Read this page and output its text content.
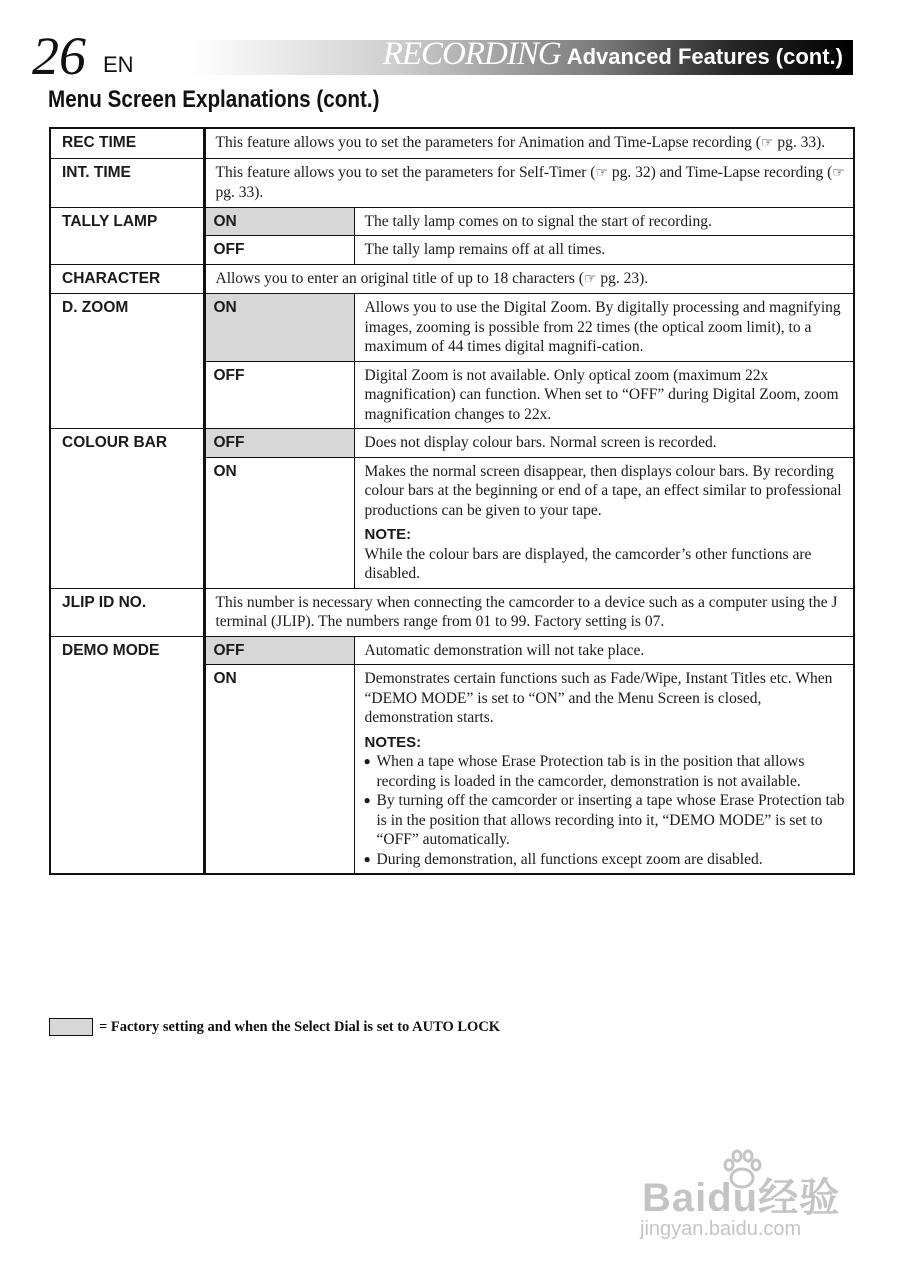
26 EN	RECORDING Advanced Features (cont.)
Menu Screen Explanations (cont.)
REC TIME	This feature allows you to set the parameters for Animation and Time-Lapse recording (☞ pg. 33).	
INT. TIME	This feature allows you to set the parameters for Self-Timer (☞ pg. 32) and Time-Lapse recording (☞ pg. 33).	
TALLY LAMP	ON	The tally lamp comes on to signal the start of recording.
	OFF	The tally lamp remains off at all times.
CHARACTER	Allows you to enter an original title of up to 18 characters (☞ pg. 23).	
D. ZOOM	ON	Allows you to use the Digital Zoom. By digitally processing and magnifying images, zooming is possible from 22 times (the optical zoom limit), to a maximum of 44 times digital magnifi-cation.
	OFF	Digital Zoom is not available. Only optical zoom (maximum 22x magnification) can function. When set to “OFF” during Digital Zoom, zoom magnification changes to 22x.
COLOUR BAR	OFF	Does not display colour bars. Normal screen is recorded.
	ON	Makes the normal screen disappear, then displays colour bars. By recording colour bars at the beginning or end of a tape, an effect similar to professional productions can be given to your tape.
NOTE:
While the colour bars are displayed, the camcorder’s other functions are disabled.

JLIP ID NO.	This number is necessary when connecting the camcorder to a device such as a computer using the J terminal (JLIP). The numbers range from 01 to 99. Factory setting is 07.	
DEMO MODE	OFF	Automatic demonstration will not take place.
	ON	Demonstrates certain functions such as Fade/Wipe, Instant Titles etc. When “DEMO MODE” is set to “ON” and the Menu Screen is closed, demonstration starts.
NOTES:
● When a tape whose Erase Protection tab is in the position that allows recording is loaded in the camcorder, demonstration is not available.
● By turning off the camcorder or inserting a tape whose Erase Protection tab is in the position that allows recording into it, “DEMO MODE” is set to “OFF” automatically.
● During demonstration, all functions except zoom are disabled.
= Factory setting and when the Select Dial is set to AUTO LOCK
Baidu经验
jingyan.baidu.com
